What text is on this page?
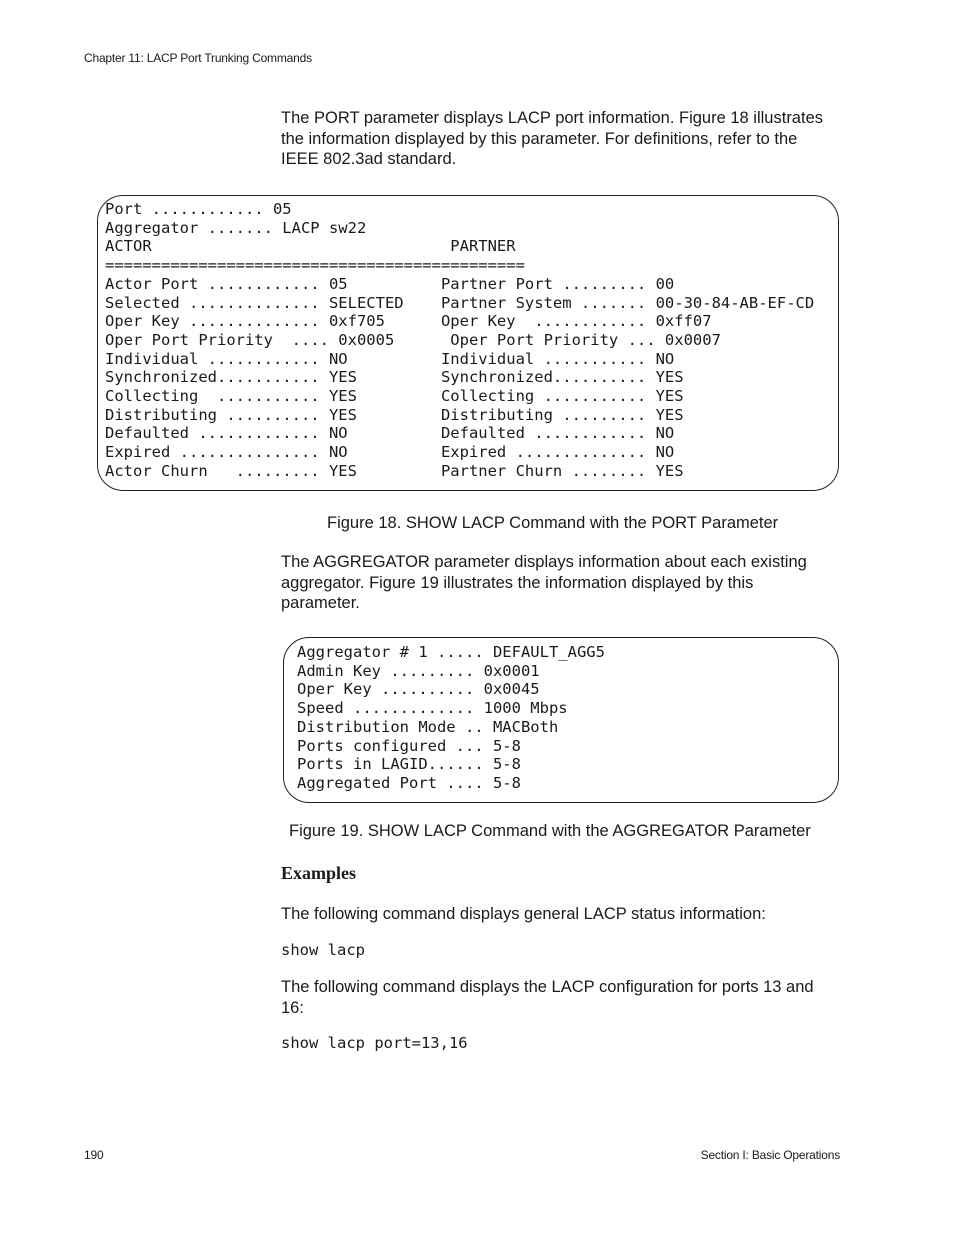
Chapter 11: LACP Port Trunking Commands
The PORT parameter displays LACP port information. Figure 18 illustrates
the information displayed by this parameter. For definitions, refer to the
IEEE 802.3ad standard.
Port ............ 05
Aggregator ....... LACP sw22
ACTOR                                PARTNER
=============================================
Actor Port ............ 05          Partner Port ......... 00
Selected .............. SELECTED    Partner System ....... 00-30-84-AB-EF-CD
Oper Key .............. 0xf705      Oper Key  ............ 0xff07
Oper Port Priority  .... 0x0005      Oper Port Priority ... 0x0007
Individual ............ NO          Individual ........... NO
Synchronized........... YES         Synchronized.......... YES
Collecting  ........... YES         Collecting ........... YES
Distributing .......... YES         Distributing ......... YES
Defaulted ............. NO          Defaulted ............ NO
Expired ............... NO          Expired .............. NO
Actor Churn   ......... YES         Partner Churn ........ YES
Figure 18. SHOW LACP Command with the PORT Parameter
The AGGREGATOR parameter displays information about each existing
aggregator. Figure 19 illustrates the information displayed by this
parameter.
Aggregator # 1 ..... DEFAULT_AGG5
Admin Key ......... 0x0001
Oper Key .......... 0x0045
Speed ............. 1000 Mbps
Distribution Mode .. MACBoth
Ports configured ... 5-8
Ports in LAGID...... 5-8
Aggregated Port .... 5-8
Figure 19. SHOW LACP Command with the AGGREGATOR Parameter
Examples
The following command displays general LACP status information:
show lacp
The following command displays the LACP configuration for ports 13 and
16:
show lacp port=13,16
190	Section I: Basic Operations
